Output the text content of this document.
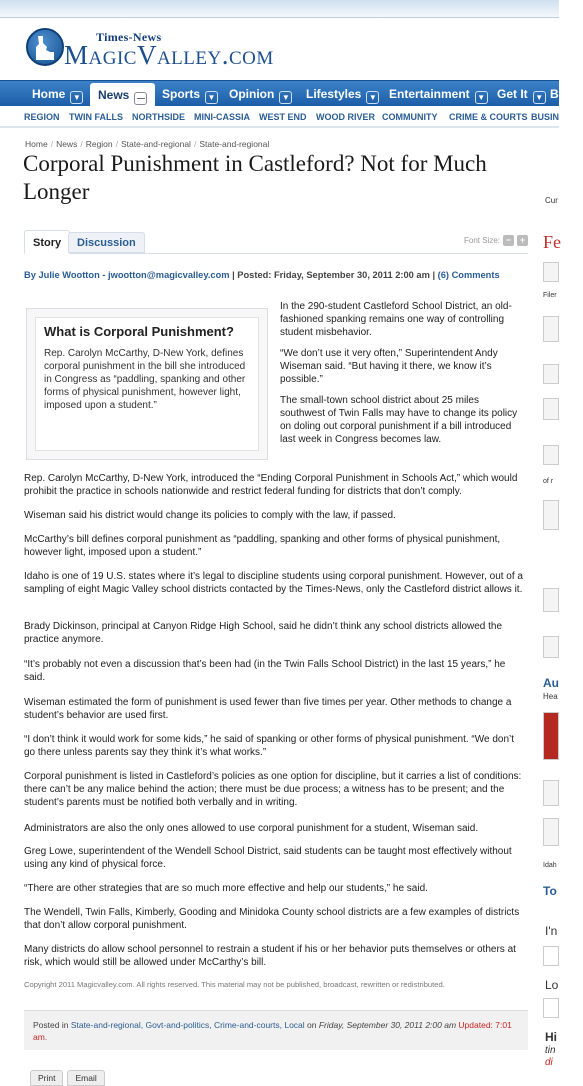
Times-News
MagicValley.com
Home ▼	News —	Sports ▼ Opinion ▼ Lifestyles ▼ Entertainment ▼ Get It ▼ Busin
REGION TWIN FALLS NORTHSIDE MINI-CASSIA WEST END WOOD RIVER COMMUNITY CRIME & COURTS BUSIN
Home / News / Region / State-and-regional / State-and-regional
Corporal Punishment in Castleford? Not for Much Longer
Story	Discussion	Font Size: − +
By Julie Wootton - jwootton@magicvalley.com | Posted: Friday, September 30, 2011 2:00 am | (6) Comments
What is Corporal Punishment?

Rep. Carolyn McCarthy, D-New York, defines corporal punishment in the bill she introduced in Congress as “paddling, spanking and other forms of physical punishment, however light, imposed upon a student.”

In the 290-student Castleford School District, an old-fashioned spanking remains one way of controlling student misbehavior.

“We don’t use it very often,” Superintendent Andy Wiseman said. “But having it there, we know it’s possible.”

The small-town school district about 25 miles southwest of Twin Falls may have to change its policy on doling out corporal punishment if a bill introduced last week in Congress becomes law.

Rep. Carolyn McCarthy, D-New York, introduced the “Ending Corporal Punishment in Schools Act,” which would prohibit the practice in schools nationwide and restrict federal funding for districts that don’t comply.
Wiseman said his district would change its policies to comply with the law, if passed.
McCarthy’s bill defines corporal punishment as “paddling, spanking and other forms of physical punishment, however light, imposed upon a student.”
Idaho is one of 19 U.S. states where it’s legal to discipline students using corporal punishment. However, out of a sampling of eight Magic Valley school districts contacted by the Times-News, only the Castleford district allows it.
Brady Dickinson, principal at Canyon Ridge High School, said he didn’t think any school districts allowed the practice anymore.
“It’s probably not even a discussion that’s been had (in the Twin Falls School District) in the last 15 years,” he said.
Wiseman estimated the form of punishment is used fewer than five times per year. Other methods to change a student’s behavior are used first.
“I don’t think it would work for some kids,” he said of spanking or other forms of physical punishment. “We don’t go there unless parents say they think it’s what works.”
Corporal punishment is listed in Castleford’s policies as one option for discipline, but it carries a list of conditions: there can’t be any malice behind the action; there must be due process; a witness has to be present; and the student’s parents must be notified both verbally and in writing.
Administrators are also the only ones allowed to use corporal punishment for a student, Wiseman said.
Greg Lowe, superintendent of the Wendell School District, said students can be taught most effectively without using any kind of physical force.
“There are other strategies that are so much more effective and help our students,” he said.
The Wendell, Twin Falls, Kimberly, Gooding and Minidoka County school districts are a few examples of districts that don’t allow corporal punishment.
Many districts do allow school personnel to restrain a student if his or her behavior puts themselves or others at risk, which would still be allowed under McCarthy’s bill.
Copyright 2011 Magicvalley.com. All rights reserved. This material may not be published, broadcast, rewritten or redistributed.
Posted in State-and-regional, Govt-and-politics, Crime-and-courts, Local on Friday, September 30, 2011 2:00 am Updated: 7:01 am.
Print Email
Cur
Fe
Filer
of r
Au
Hea
Idah
To
I'n
Lo
Hi
tin
di
